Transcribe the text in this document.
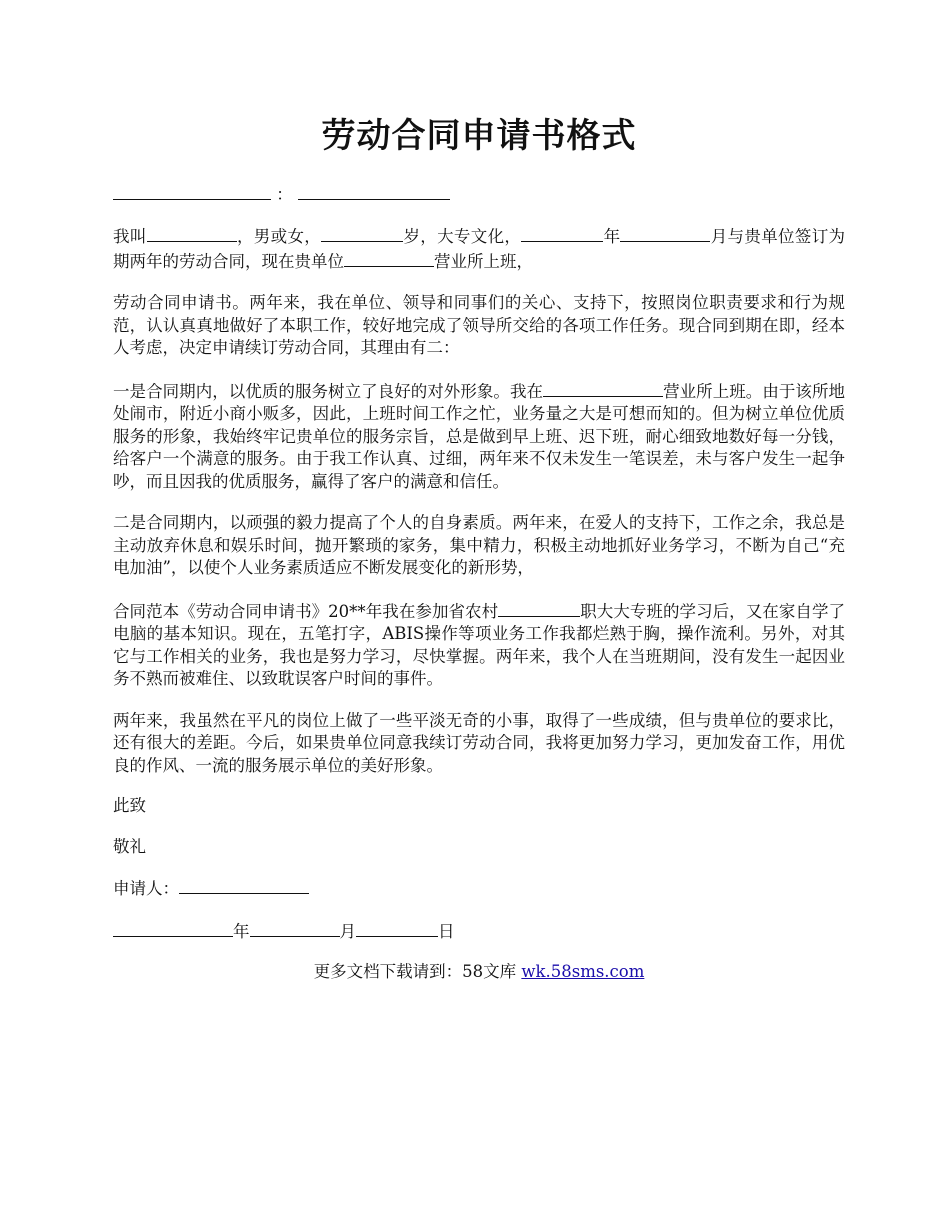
劳动合同申请书格式
：

我叫	，男或女，	岁，大专文化，	年	月与贵单位签订为期两年的劳动合同，现在贵单位	营业所上班，

劳动合同申请书。两年来，我在单位、领导和同事们的关心、支持下，按照岗位职责要求和行为规范，认认真真地做好了本职工作，较好地完成了领导所交给的各项工作任务。现合同到期在即，经本人考虑，决定申请续订劳动合同，其理由有二：

一是合同期内，以优质的服务树立了良好的对外形象。我在	营业所上班。由于该所地处闹市，附近小商小贩多，因此，上班时间工作之忙，业务量之大是可想而知的。但为树立单位优质服务的形象，我始终牢记贵单位的服务宗旨，总是做到早上班、迟下班，耐心细致地数好每一分钱，给客户一个满意的服务。由于我工作认真、过细，两年来不仅未发生一笔误差，未与客户发生一起争吵，而且因我的优质服务，赢得了客户的满意和信任。

二是合同期内，以顽强的毅力提高了个人的自身素质。两年来，在爱人的支持下，工作之余，我总是主动放弃休息和娱乐时间，抛开繁琐的家务，集中精力，积极主动地抓好业务学习，不断为自己“充电加油”，以使个人业务素质适应不断发展变化的新形势，

合同范本《劳动合同申请书》20**年我在参加省农村	职大大专班的学习后，又在家自学了电脑的基本知识。现在，五笔打字，ABIS操作等项业务工作我都烂熟于胸，操作流利。另外，对其它与工作相关的业务，我也是努力学习，尽快掌握。两年来，我个人在当班期间，没有发生一起因业务不熟而被难住、以致耽误客户时间的事件。

两年来，我虽然在平凡的岗位上做了一些平淡无奇的小事，取得了一些成绩，但与贵单位的要求比，还有很大的差距。今后，如果贵单位同意我续订劳动合同，我将更加努力学习，更加发奋工作，用优良的作风、一流的服务展示单位的美好形象。

此致

敬礼

申请人：

年	月	日

更多文档下载请到：58文库 wk.58sms.com
